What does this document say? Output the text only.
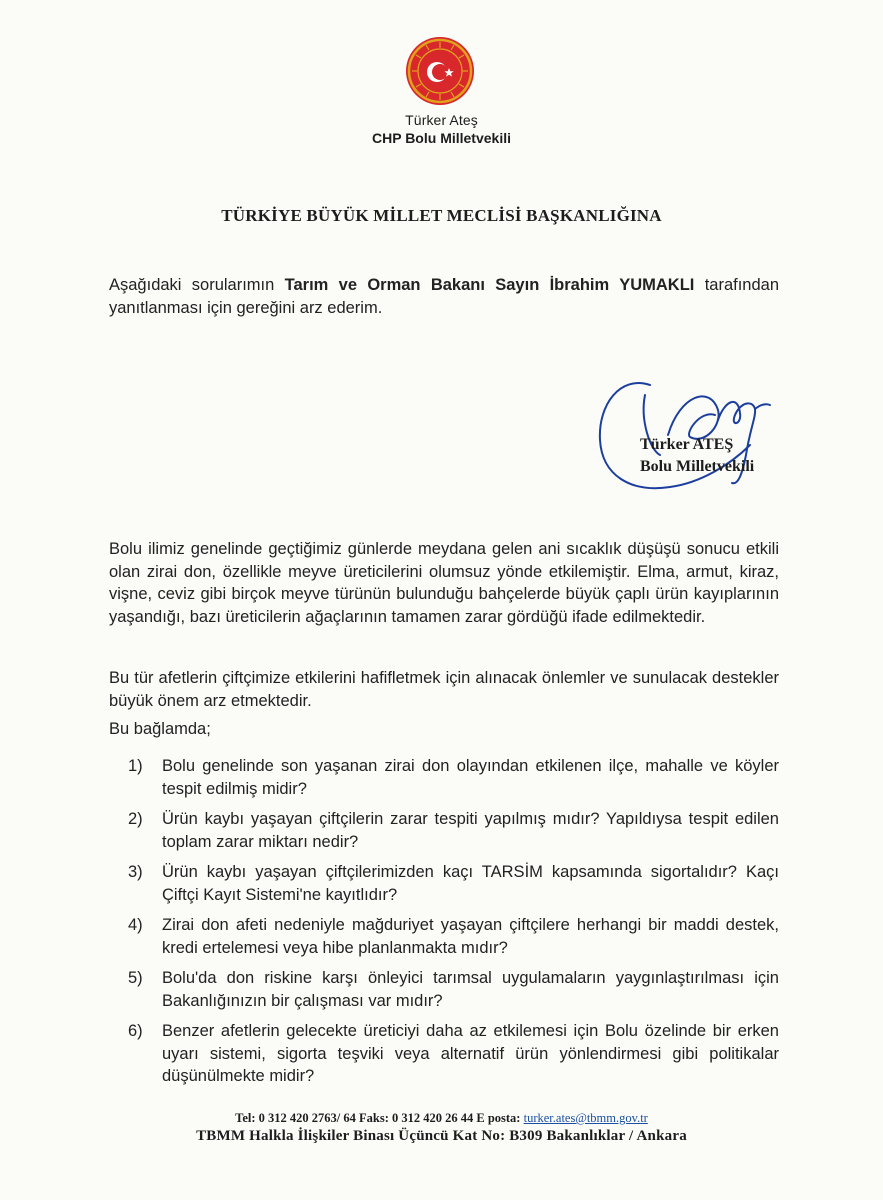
Türker Ateş
CHP Bolu Milletvekili
TÜRKİYE BÜYÜK MİLLET MECLİSİ BAŞKANLIĞINA
Aşağıdaki sorularımın Tarım ve Orman Bakanı Sayın İbrahim YUMAKLI tarafından yanıtlanması için gereğini arz ederim.
Türker ATEŞ
Bolu Milletvekili
Bolu ilimiz genelinde geçtiğimiz günlerde meydana gelen ani sıcaklık düşüşü sonucu etkili olan zirai don, özellikle meyve üreticilerini olumsuz yönde etkilemiştir. Elma, armut, kiraz, vişne, ceviz gibi birçok meyve türünün bulunduğu bahçelerde büyük çaplı ürün kayıplarının yaşandığı, bazı üreticilerin ağaçlarının tamamen zarar gördüğü ifade edilmektedir.
Bu tür afetlerin çiftçimize etkilerini hafifletmek için alınacak önlemler ve sunulacak destekler büyük önem arz etmektedir.
Bu bağlamda;
1) Bolu genelinde son yaşanan zirai don olayından etkilenen ilçe, mahalle ve köyler tespit edilmiş midir?
2) Ürün kaybı yaşayan çiftçilerin zarar tespiti yapılmış mıdır? Yapıldıysa tespit edilen toplam zarar miktarı nedir?
3) Ürün kaybı yaşayan çiftçilerimizden kaçı TARSİM kapsamında sigortalıdır? Kaçı Çiftçi Kayıt Sistemi'ne kayıtlıdır?
4) Zirai don afeti nedeniyle mağduriyet yaşayan çiftçilere herhangi bir maddi destek, kredi ertelemesi veya hibe planlanmakta mıdır?
5) Bolu'da don riskine karşı önleyici tarımsal uygulamaların yaygınlaştırılması için Bakanlığınızın bir çalışması var mıdır?
6) Benzer afetlerin gelecekte üreticiyi daha az etkilemesi için Bolu özelinde bir erken uyarı sistemi, sigorta teşviki veya alternatif ürün yönlendirmesi gibi politikalar düşünülmekte midir?
Tel: 0 312 420 2763/ 64 Faks: 0 312 420 26 44 E posta: turker.ates@tbmm.gov.tr
TBMM Halkla İlişkiler Binası Üçüncü Kat No: B309 Bakanlıklar / Ankara
